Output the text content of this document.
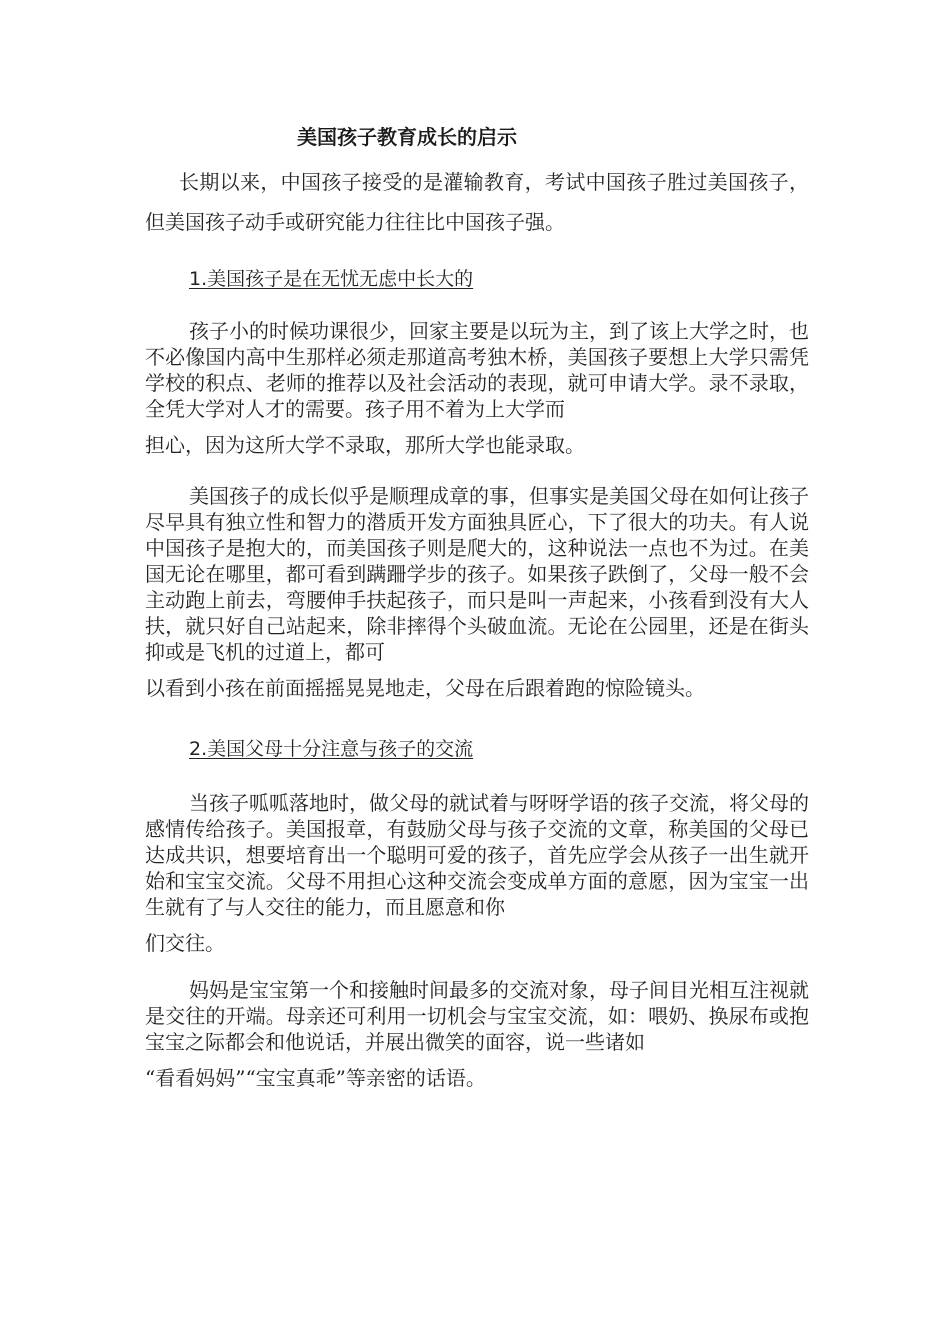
美国孩子教育成长的启示

长期以来，中国孩子接受的是灌输教育，考试中国孩子胜过美国孩子，但美国孩子动手或研究能力往往比中国孩子强。

1.美国孩子是在无忧无虑中长大的
孩子小的时候功课很少，回家主要是以玩为主，到了该上大学之时，也不必像国内高中生那样必须走那道高考独木桥，美国孩子要想上大学只需凭学校的积点、老师的推荐以及社会活动的表现，就可申请大学。录不录取，全凭大学对人才的需要。孩子用不着为上大学而
担心，因为这所大学不录取，那所大学也能录取。
美国孩子的成长似乎是顺理成章的事，但事实是美国父母在如何让孩子尽早具有独立性和智力的潜质开发方面独具匠心，下了很大的功夫。有人说中国孩子是抱大的，而美国孩子则是爬大的，这种说法一点也不为过。在美国无论在哪里，都可看到蹒跚学步的孩子。如果孩子跌倒了，父母一般不会主动跑上前去，弯腰伸手扶起孩子，而只是叫一声起来，小孩看到没有大人扶，就只好自己站起来，除非摔得个头破血流。无论在公园里，还是在街头抑或是飞机的过道上，都可
以看到小孩在前面摇摇晃晃地走，父母在后跟着跑的惊险镜头。
2.美国父母十分注意与孩子的交流
当孩子呱呱落地时，做父母的就试着与呀呀学语的孩子交流，将父母的感情传给孩子。美国报章，有鼓励父母与孩子交流的文章，称美国的父母已达成共识，想要培育出一个聪明可爱的孩子，首先应学会从孩子一出生就开始和宝宝交流。父母不用担心这种交流会变成单方面的意愿，因为宝宝一出生就有了与人交往的能力，而且愿意和你
们交往。
妈妈是宝宝第一个和接触时间最多的交流对象，母子间目光相互注视就是交往的开端。母亲还可利用一切机会与宝宝交流，如：喂奶、换尿布或抱宝宝之际都会和他说话，并展出微笑的面容，说一些诸如
“看看妈妈”“宝宝真乖”等亲密的话语。
